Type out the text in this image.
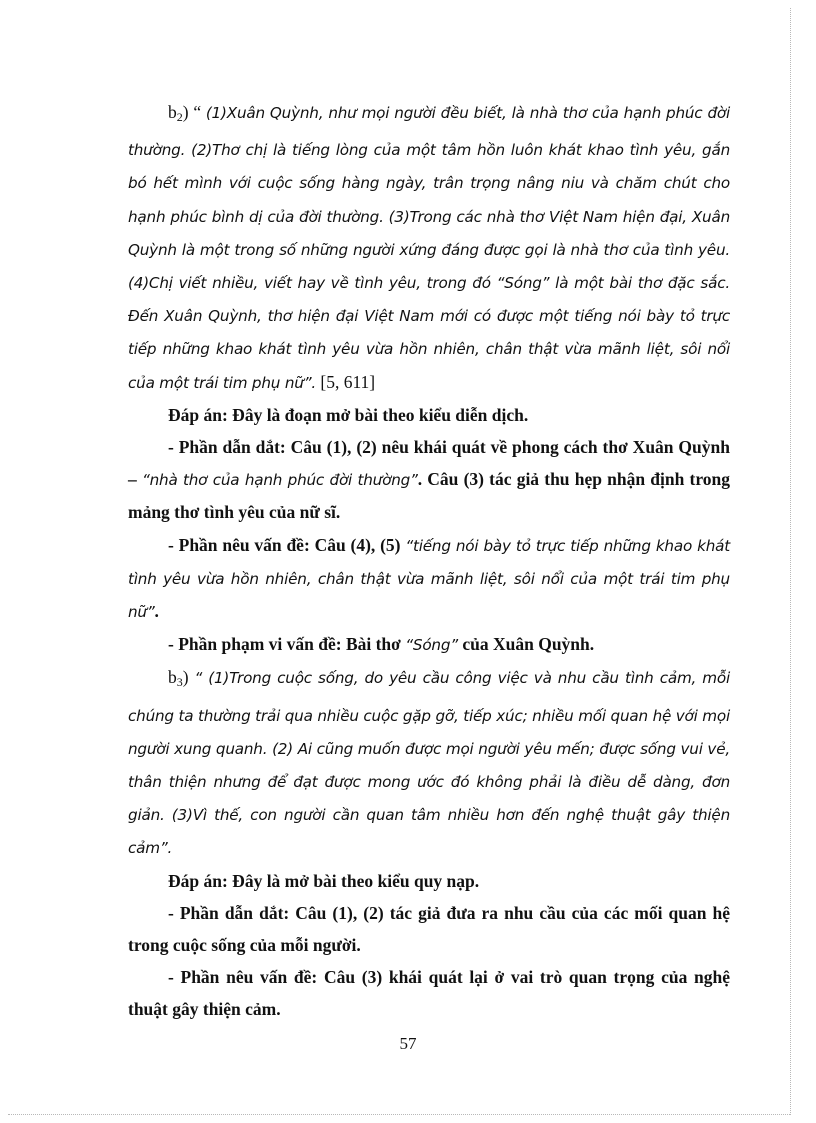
$b_2$) “ (1)Xuân Quỳnh, như mọi người đều biết, là nhà thơ của hạnh phúc đời thường. (2)Thơ chị là tiếng lòng của một tâm hồn luôn khát khao tình yêu, gắn bó hết mình với cuộc sống hàng ngày, trân trọng nâng niu và chăm chút cho hạnh phúc bình dị của đời thường. (3)Trong các nhà thơ Việt Nam hiện đại, Xuân Quỳnh là một trong số những người xứng đáng được gọi là nhà thơ của tình yêu. (4)Chị viết nhiều, viết hay về tình yêu, trong đó “Sóng” là một bài thơ đặc sắc. Đến Xuân Quỳnh, thơ hiện đại Việt Nam mới có được một tiếng nói bày tỏ trực tiếp những khao khát tình yêu vừa hồn nhiên, chân thật vừa mãnh liệt, sôi nổi của một trái tim phụ nữ”. [5, 611]

Đáp án: Đây là đoạn mở bài theo kiểu diễn dịch.

- Phần dẫn dắt: Câu (1), (2) nêu khái quát về phong cách thơ Xuân Quỳnh – “nhà thơ của hạnh phúc đời thường”. Câu (3) tác giả thu hẹp nhận định trong mảng thơ tình yêu của nữ sĩ.

- Phần nêu vấn đề: Câu (4), (5) “tiếng nói bày tỏ trực tiếp những khao khát tình yêu vừa hồn nhiên, chân thật vừa mãnh liệt, sôi nổi của một trái tim phụ nữ”.

- Phần phạm vi vấn đề: Bài thơ “Sóng” của Xuân Quỳnh.

$b_3$) “ (1)Trong cuộc sống, do yêu cầu công việc và nhu cầu tình cảm, mỗi chúng ta thường trải qua nhiều cuộc gặp gỡ, tiếp xúc; nhiều mối quan hệ với mọi người xung quanh. (2) Ai cũng muốn được mọi người yêu mến; được sống vui vẻ, thân thiện nhưng để đạt được mong ước đó không phải là điều dễ dàng, đơn giản. (3)Vì thế, con người cần quan tâm nhiều hơn đến nghệ thuật gây thiện cảm”.

Đáp án: Đây là mở bài theo kiểu quy nạp.

- Phần dẫn dắt: Câu (1), (2) tác giả đưa ra nhu cầu của các mối quan hệ trong cuộc sống của mỗi người.

- Phần nêu vấn đề: Câu (3) khái quát lại ở vai trò quan trọng của nghệ thuật gây thiện cảm.

57
